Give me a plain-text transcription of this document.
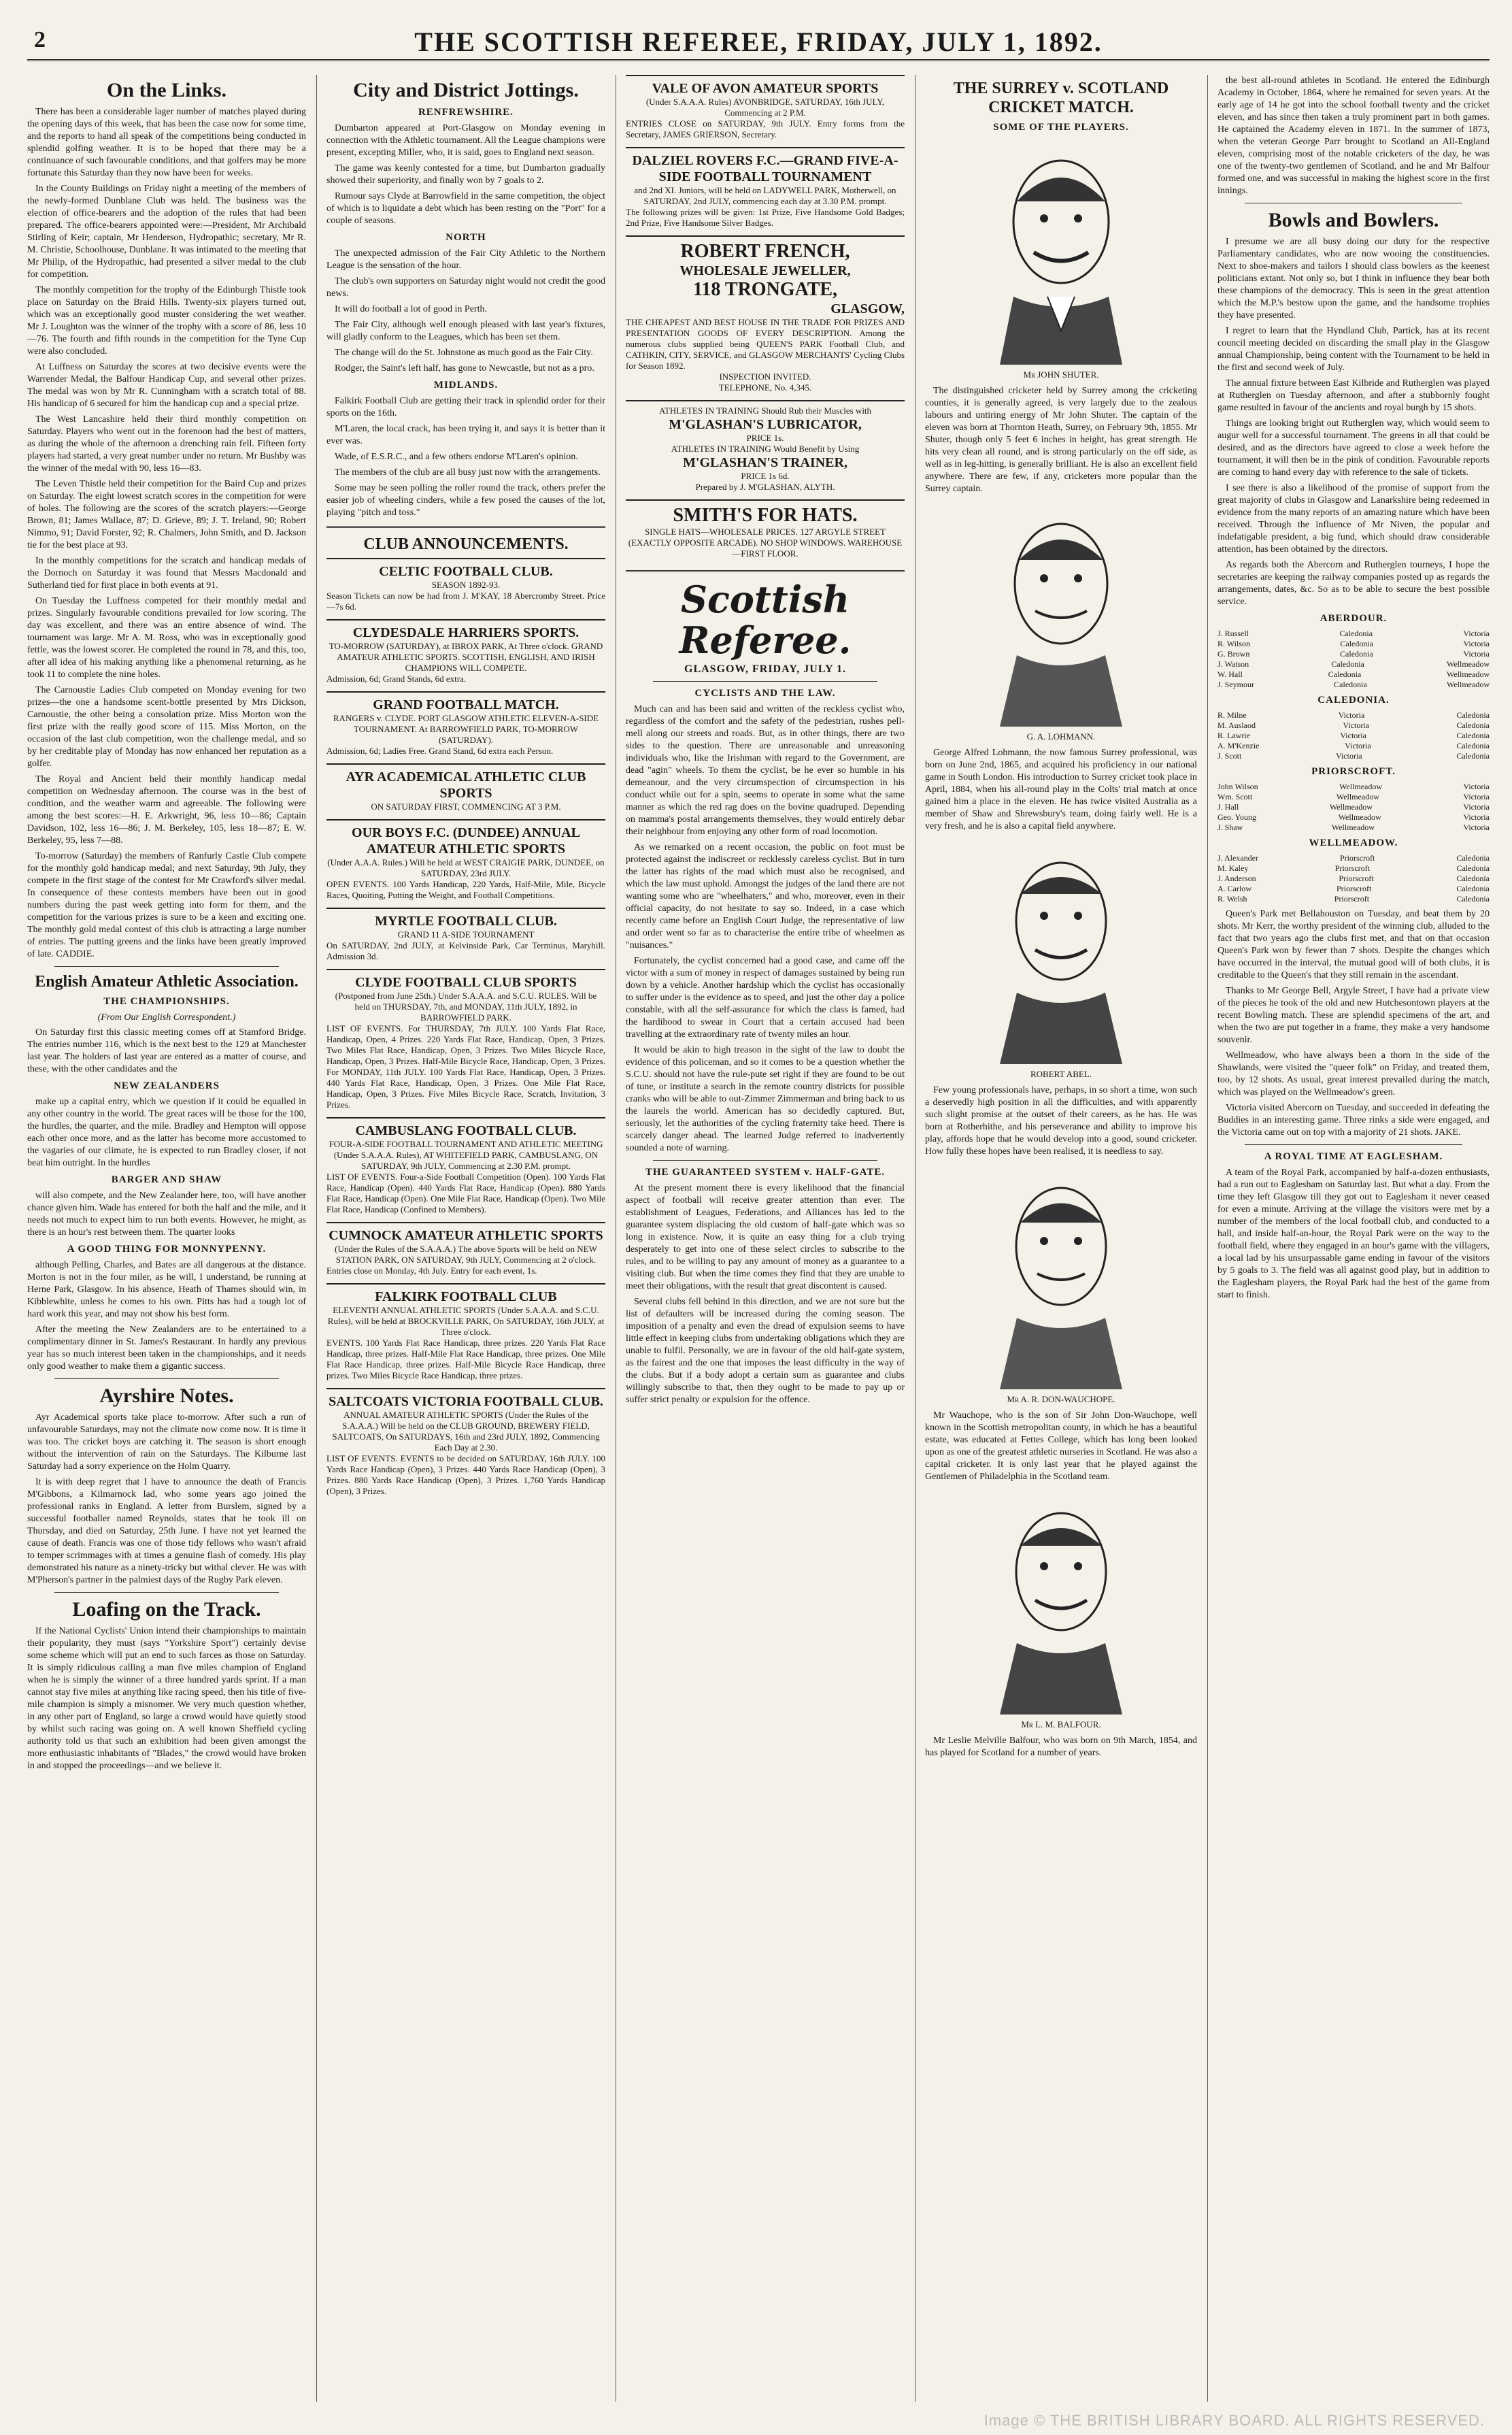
2	THE SCOTTISH REFEREE, FRIDAY, JULY 1, 1892.
On the Links.

There has been a considerable lager number of matches played during the opening days of this week, that has been the case now for some time, and the reports to hand all speak of the competitions being conducted in splendid golfing weather. It is to be hoped that there may be a continuance of such favourable conditions, and that golfers may be more fortunate this Saturday than they now have been for weeks.

In the County Buildings on Friday night a meeting of the members of the newly-formed Dunblane Club was held. The business was the election of office-bearers and the adoption of the rules that had been prepared. The office-bearers appointed were:—President, Mr Archibald Stirling of Keir; captain, Mr Henderson, Hydropathic; secretary, Mr R. M. Christie, Schoolhouse, Dunblane. It was intimated to the meeting that Mr Philip, of the Hydropathic, had presented a silver medal to the club for competition.

The monthly competition for the trophy of the Edinburgh Thistle took place on Saturday on the Braid Hills. Twenty-six players turned out, which was an exceptionally good muster considering the wet weather. Mr J. Loughton was the winner of the trophy with a score of 86, less 10—76. The fourth and fifth rounds in the competition for the Tyne Cup were also concluded.

At Luffness on Saturday the scores at two decisive events were the Warrender Medal, the Balfour Handicap Cup, and several other prizes. The medal was won by Mr R. Cunningham with a scratch total of 88. His handicap of 6 secured for him the handicap cup and a special prize.

The West Lancashire held their third monthly competition on Saturday. Players who went out in the forenoon had the best of matters, as during the whole of the afternoon a drenching rain fell. Fifteen forty players had started, a very great number under no return. Mr Bushby was the winner of the medal with 90, less 16—83.

The Leven Thistle held their competition for the Baird Cup and prizes on Saturday. The eight lowest scratch scores in the competition for were of holes. The following are the scores of the scratch players:—George Brown, 81; James Wallace, 87; D. Grieve, 89; J. T. Ireland, 90; Robert Nimmo, 91; David Forster, 92; R. Chalmers, John Smith, and D. Jackson tie for the best place at 93.

In the monthly competitions for the scratch and handicap medals of the Dornoch on Saturday it was found that Messrs Macdonald and Sutherland tied for first place in both events at 91.

On Tuesday the Luffness competed for their monthly medal and prizes. Singularly favourable conditions prevailed for low scoring. The day was excellent, and there was an entire absence of wind. The tournament was large. Mr A. M. Ross, who was in exceptionally good fettle, was the lowest scorer. He completed the round in 78, and this, too, after all idea of his making anything like a phenomenal returning, as he took 11 to complete the nine holes.

The Carnoustie Ladies Club competed on Monday evening for two prizes—the one a handsome scent-bottle presented by Mrs Dickson, Carnoustie, the other being a consolation prize. Miss Morton won the first prize with the really good score of 115. Miss Morton, on the occasion of the last club competition, won the challenge medal, and so by her creditable play of Monday has now enhanced her reputation as a golfer.

The Royal and Ancient held their monthly handicap medal competition on Wednesday afternoon. The course was in the best of condition, and the weather warm and agreeable. The following were among the best scores:—H. E. Arkwright, 96, less 10—86; Captain Davidson, 102, less 16—86; J. M. Berkeley, 105, less 18—87; E. W. Berkeley, 95, less 7—88.

To-morrow (Saturday) the members of Ranfurly Castle Club compete for the monthly gold handicap medal; and next Saturday, 9th July, they compete in the first stage of the contest for Mr Crawford's silver medal. In consequence of these contests members have been out in good numbers during the past week getting into form for them, and the competition for the various prizes is sure to be a keen and exciting one. The monthly gold medal contest of this club is attracting a large number of entries. The putting greens and the links have been greatly improved of late. CADDIE.

English Amateur Athletic Association.
THE CHAMPIONSHIPS.
(From Our English Correspondent.)

On Saturday first this classic meeting comes off at Stamford Bridge. The entries number 116, which is the next best to the 129 at Manchester last year. The holders of last year are entered as a matter of course, and these, with the other candidates and the

NEW ZEALANDERS

make up a capital entry, which we question if it could be equalled in any other country in the world. The great races will be those for the 100, the hurdles, the quarter, and the mile. Bradley and Hempton will oppose each other once more, and as the latter has become more accustomed to the vagaries of our climate, he is expected to run Bradley closer, if not beat him outright. In the hurdles

BARGER AND SHAW

will also compete, and the New Zealander here, too, will have another chance given him. Wade has entered for both the half and the mile, and it needs not much to expect him to run both events. However, he might, as there is an hour's rest between them. The quarter looks

A GOOD THING FOR MONNYPENNY.

although Pelling, Charles, and Bates are all dangerous at the distance. Morton is not in the four miler, as he will, I understand, be running at Herne Park, Glasgow. In his absence, Heath of Thames should win, in Kibblewhite, unless he comes to his own. Pitts has had a tough lot of hard work this year, and may not show his best form.

After the meeting the New Zealanders are to be entertained to a complimentary dinner in St. James's Restaurant. In hardly any previous year has so much interest been taken in the championships, and it needs only good weather to make them a gigantic success.

Ayrshire Notes.

Ayr Academical sports take place to-morrow. After such a run of unfavourable Saturdays, may not the climate now come now. It is time it was too. The cricket boys are catching it. The season is short enough without the intervention of rain on the Saturdays. The Kilburne last Saturday had a sorry experience on the Holm Quarry.

It is with deep regret that I have to announce the death of Francis M'Gibbons, a Kilmarnock lad, who some years ago joined the professional ranks in England. A letter from Burslem, signed by a successful footballer named Reynolds, states that he took ill on Thursday, and died on Saturday, 25th June. I have not yet learned the cause of death. Francis was one of those tidy fellows who wasn't afraid to temper scrimmages with at times a genuine flash of comedy. His play demonstrated his nature as a ninety-tricky but withal clever. He was with M'Pherson's partner in the palmiest days of the Rugby Park eleven.

Loafing on the Track.

If the National Cyclists' Union intend their championships to maintain their popularity, they must (says "Yorkshire Sport") certainly devise some scheme which will put an end to such farces as those on Saturday. It is simply ridiculous calling a man five miles champion of England when he is simply the winner of a three hundred yards sprint. If a man cannot stay five miles at anything like racing speed, then his title of five-mile champion is simply a misnomer. We very much question whether, in any other part of England, so large a crowd would have quietly stood by whilst such racing was going on. A well known Sheffield cycling authority told us that such an exhibition had been given amongst the more enthusiastic inhabitants of "Blades," the crowd would have broken in and stopped the proceedings—and we believe it.

City and District Jottings.
RENFREWSHIRE.

Dumbarton appeared at Port-Glasgow on Monday evening in connection with the Athletic tournament. All the League champions were present, excepting Miller, who, it is said, goes to England next season.

The game was keenly contested for a time, but Dumbarton gradually showed their superiority, and finally won by 7 goals to 2.

Rumour says Clyde at Barrowfield in the same competition, the object of which is to liquidate a debt which has been resting on the "Port" for a couple of seasons.

NORTH

The unexpected admission of the Fair City Athletic to the Northern League is the sensation of the hour.

The club's own supporters on Saturday night would not credit the good news.

It will do football a lot of good in Perth.

The Fair City, although well enough pleased with last year's fixtures, will gladly conform to the Leagues, which has been set them.

The change will do the St. Johnstone as much good as the Fair City.

Rodger, the Saint's left half, has gone to Newcastle, but not as a pro.

MIDLANDS.

Falkirk Football Club are getting their track in splendid order for their sports on the 16th.

M'Laren, the local crack, has been trying it, and says it is better than it ever was.

Wade, of E.S.R.C., and a few others endorse M'Laren's opinion.

The members of the club are all busy just now with the arrangements.

Some may be seen polling the roller round the track, others prefer the easier job of wheeling cinders, while a few posed the causes of the lot, playing "pitch and toss."

CLUB ANNOUNCEMENTS.
CELTIC FOOTBALL CLUB.
SEASON 1892-93.
Season Tickets can now be had from J. M'KAY, 18 Abercromby Street. Price—7s 6d.
CLYDESDALE HARRIERS SPORTS.
TO-MORROW (SATURDAY), at IBROX PARK, At Three o'clock. GRAND AMATEUR ATHLETIC SPORTS. SCOTTISH, ENGLISH, AND IRISH CHAMPIONS WILL COMPETE.
Admission, 6d; Grand Stands, 6d extra.
GRAND FOOTBALL MATCH.
RANGERS v. CLYDE. PORT GLASGOW ATHLETIC ELEVEN-A-SIDE TOURNAMENT. At BARROWFIELD PARK, TO-MORROW (SATURDAY).
Admission, 6d; Ladies Free. Grand Stand, 6d extra each Person.
AYR ACADEMICAL ATHLETIC CLUB SPORTS
ON SATURDAY FIRST, COMMENCING AT 3 P.M.
OUR BOYS F.C. (DUNDEE) ANNUAL AMATEUR ATHLETIC SPORTS
(Under A.A.A. Rules.) Will be held at WEST CRAIGIE PARK, DUNDEE, on SATURDAY, 23rd JULY.
OPEN EVENTS. 100 Yards Handicap, 220 Yards, Half-Mile, Mile, Bicycle Races, Quoiting, Putting the Weight, and Football Competitions.
MYRTLE FOOTBALL CLUB.
GRAND 11 A-SIDE TOURNAMENT
On SATURDAY, 2nd JULY, at Kelvinside Park, Car Terminus, Maryhill. Admission 3d.
CLYDE FOOTBALL CLUB SPORTS
(Postponed from June 25th.) Under S.A.A.A. and S.C.U. RULES. Will be held on THURSDAY, 7th, and MONDAY, 11th JULY, 1892, in BARROWFIELD PARK.
LIST OF EVENTS. For THURSDAY, 7th JULY. 100 Yards Flat Race, Handicap, Open, 4 Prizes. 220 Yards Flat Race, Handicap, Open, 3 Prizes. Two Miles Flat Race, Handicap, Open, 3 Prizes. Two Miles Bicycle Race, Handicap, Open, 3 Prizes. Half-Mile Bicycle Race, Handicap, Open, 3 Prizes. For MONDAY, 11th JULY. 100 Yards Flat Race, Handicap, Open, 3 Prizes. 440 Yards Flat Race, Handicap, Open, 3 Prizes. One Mile Flat Race, Handicap, Open, 3 Prizes. Five Miles Bicycle Race, Scratch, Invitation, 3 Prizes.
CAMBUSLANG FOOTBALL CLUB.
FOUR-A-SIDE FOOTBALL TOURNAMENT AND ATHLETIC MEETING (Under S.A.A.A. Rules), AT WHITEFIELD PARK, CAMBUSLANG, ON SATURDAY, 9th JULY, Commencing at 2.30 P.M. prompt.
LIST OF EVENTS. Four-a-Side Football Competition (Open). 100 Yards Flat Race, Handicap (Open). 440 Yards Flat Race, Handicap (Open). 880 Yards Flat Race, Handicap (Open). One Mile Flat Race, Handicap (Open). Two Mile Flat Race, Handicap (Confined to Members).
CUMNOCK AMATEUR ATHLETIC SPORTS
(Under the Rules of the S.A.A.A.) The above Sports will be held on NEW STATION PARK, ON SATURDAY, 9th JULY, Commencing at 2 o'clock.
Entries close on Monday, 4th July. Entry for each event, 1s.
FALKIRK FOOTBALL CLUB
ELEVENTH ANNUAL ATHLETIC SPORTS (Under S.A.A.A. and S.C.U. Rules), will be held at BROCKVILLE PARK, On SATURDAY, 16th JULY, at Three o'clock.
EVENTS. 100 Yards Flat Race Handicap, three prizes. 220 Yards Flat Race Handicap, three prizes. Half-Mile Flat Race Handicap, three prizes. One Mile Flat Race Handicap, three prizes. Half-Mile Bicycle Race Handicap, three prizes. Two Miles Bicycle Race Handicap, three prizes.
SALTCOATS VICTORIA FOOTBALL CLUB.
ANNUAL AMATEUR ATHLETIC SPORTS (Under the Rules of the S.A.A.A.) Will be held on the CLUB GROUND, BREWERY FIELD, SALTCOATS, On SATURDAYS, 16th and 23rd JULY, 1892, Commencing Each Day at 2.30.
LIST OF EVENTS. EVENTS to be decided on SATURDAY, 16th JULY. 100 Yards Race Handicap (Open), 3 Prizes. 440 Yards Race Handicap (Open), 3 Prizes. 880 Yards Race Handicap (Open), 3 Prizes. 1,760 Yards Handicap (Open), 3 Prizes.
VALE OF AVON AMATEUR SPORTS
(Under S.A.A.A. Rules) AVONBRIDGE, SATURDAY, 16th JULY, Commencing at 2 P.M.
ENTRIES CLOSE on SATURDAY, 9th JULY. Entry forms from the Secretary, JAMES GRIERSON, Secretary.
DALZIEL ROVERS F.C.—GRAND FIVE-A-SIDE FOOTBALL TOURNAMENT
and 2nd XI. Juniors, will be held on LADYWELL PARK, Motherwell, on SATURDAY, 2nd JULY, commencing each day at 3.30 P.M. prompt.
The following prizes will be given: 1st Prize, Five Handsome Gold Badges; 2nd Prize, Five Handsome Silver Badges.
ROBERT FRENCH,
WHOLESALE JEWELLER,
118 TRONGATE,
GLASGOW,
THE CHEAPEST AND BEST HOUSE IN THE TRADE FOR PRIZES AND PRESENTATION GOODS OF EVERY DESCRIPTION. Among the numerous clubs supplied being QUEEN'S PARK Football Club, and CATHKIN, CITY, SERVICE, and GLASGOW MERCHANTS' Cycling Clubs for Season 1892.
INSPECTION INVITED.
TELEPHONE, No. 4,345.
ATHLETES IN TRAINING Should Rub their Muscles with
M'GLASHAN'S LUBRICATOR,
PRICE 1s.
ATHLETES IN TRAINING Would Benefit by Using
M'GLASHAN'S TRAINER,
PRICE 1s 6d.
Prepared by J. M'GLASHAN, ALYTH.
SMITH'S FOR HATS.
SINGLE HATS—WHOLESALE PRICES. 127 ARGYLE STREET (EXACTLY OPPOSITE ARCADE). NO SHOP WINDOWS. WAREHOUSE—FIRST FLOOR.
Scottish Referee.
GLASGOW, FRIDAY, JULY 1.
CYCLISTS AND THE LAW.

Much can and has been said and written of the reckless cyclist who, regardless of the comfort and the safety of the pedestrian, rushes pell-mell along our streets and roads. But, as in other things, there are two sides to the question. There are unreasonable and unreasoning individuals who, like the Irishman with regard to the Government, are dead "agin" wheels. To them the cyclist, be he ever so humble in his demeanour, and the very circumspection of circumspection in his conduct while out for a spin, seems to operate in some what the same manner as which the red rag does on the bovine quadruped. Depending on mamma's postal arrangements themselves, they would entirely debar their neighbour from enjoying any other form of road locomotion.

As we remarked on a recent occasion, the public on foot must be protected against the indiscreet or recklessly careless cyclist. But in turn the latter has rights of the road which must also be recognised, and which the law must uphold. Amongst the judges of the land there are not wanting some who are "wheelhaters," and who, moreover, even in their official capacity, do not hesitate to say so. Indeed, in a case which recently came before an English Court Judge, the representative of law and order went so far as to characterise the entire tribe of wheelmen as "nuisances."

Fortunately, the cyclist concerned had a good case, and came off the victor with a sum of money in respect of damages sustained by being run down by a vehicle. Another hardship which the cyclist has occasionally to suffer under is the evidence as to speed, and just the other day a police constable, with all the self-assurance for which the class is famed, had the hardihood to swear in Court that a certain accused had been travelling at the extraordinary rate of twenty miles an hour.

It would be akin to high treason in the sight of the law to doubt the evidence of this policeman, and so it comes to be a question whether the S.C.U. should not have the rule-pute set right if they are found to be out of tune, or institute a search in the remote country districts for possible cranks who will be able to out-Zimmer Zimmerman and bring back to us the laurels the world. American has so decidedly captured. But, seriously, let the authorities of the cycling fraternity take heed. There is scarcely danger ahead. The learned Judge referred to inadvertently sounded a note of warning.

THE GUARANTEED SYSTEM v. HALF-GATE.

At the present moment there is every likelihood that the financial aspect of football will receive greater attention than ever. The establishment of Leagues, Federations, and Alliances has led to the guarantee system displacing the old custom of half-gate which was so long in existence. Now, it is quite an easy thing for a club trying desperately to get into one of these select circles to subscribe to the rules, and to be willing to pay any amount of money as a guarantee to a visiting club. But when the time comes they find that they are unable to meet their obligations, with the result that great discontent is caused.

Several clubs fell behind in this direction, and we are not sure but the list of defaulters will be increased during the coming season. The imposition of a penalty and even the dread of expulsion seems to have little effect in keeping clubs from undertaking obligations which they are unable to fulfil. Personally, we are in favour of the old half-gate system, as the fairest and the one that imposes the least difficulty in the way of the clubs. But if a body adopt a certain sum as guarantee and clubs willingly subscribe to that, then they ought to be made to pay up or suffer strict penalty or expulsion for the offence.

THE SURREY v. SCOTLAND CRICKET MATCH.
SOME OF THE PLAYERS.
Mr JOHN SHUTER.

The distinguished cricketer held by Surrey among the cricketing counties, it is generally agreed, is very largely due to the zealous labours and untiring energy of Mr John Shuter. The captain of the eleven was born at Thornton Heath, Surrey, on February 9th, 1855. Mr Shuter, though only 5 feet 6 inches in height, has great strength. He hits very clean all round, and is strong particularly on the off side, as well as in leg-hitting, is generally brilliant. He is also an excellent field anywhere. There are few, if any, cricketers more popular than the Surrey captain.

G. A. LOHMANN.

George Alfred Lohmann, the now famous Surrey professional, was born on June 2nd, 1865, and acquired his proficiency in our national game in South London. His introduction to Surrey cricket took place in April, 1884, when his all-round play in the Colts' trial match at once gained him a place in the eleven. He has twice visited Australia as a member of Shaw and Shrewsbury's team, doing fairly well. He is a very fresh, and he is also a capital field anywhere.

ROBERT ABEL.

Few young professionals have, perhaps, in so short a time, won such a deservedly high position in all the difficulties, and with apparently such slight promise at the outset of their careers, as he has. He was born at Rotherhithe, and his perseverance and ability to improve his play, affords hope that he would develop into a good, sound cricketer. How fully these hopes have been realised, it is needless to say.

Mr A. R. DON-WAUCHOPE.

Mr Wauchope, who is the son of Sir John Don-Wauchope, well known in the Scottish metropolitan county, in which he has a beautiful estate, was educated at Fettes College, which has long been looked upon as one of the greatest athletic nurseries in Scotland. He was also a capital cricketer. It is only last year that he played against the Gentlemen of Philadelphia in the Scotland team.

Mr L. M. BALFOUR.

Mr Leslie Melville Balfour, who was born on 9th March, 1854, and has played for Scotland for a number of years.

the best all-round athletes in Scotland. He entered the Edinburgh Academy in October, 1864, where he remained for seven years. At the early age of 14 he got into the school football twenty and the cricket eleven, and has since then taken a truly prominent part in both games. He captained the Academy eleven in 1871. In the summer of 1873, when the veteran George Parr brought to Scotland an All-England eleven, comprising most of the notable cricketers of the day, he was one of the twenty-two gentlemen of Scotland, and he and Mr Balfour formed one, and was successful in making the highest score in the first innings.

Bowls and Bowlers.

I presume we are all busy doing our duty for the respective Parliamentary candidates, who are now wooing the constituencies. Next to shoe-makers and tailors I should class bowlers as the keenest politicians extant. Not only so, but I think in influence they bear both these champions of the democracy. This is seen in the great attention which the M.P.'s bestow upon the game, and the handsome trophies they have presented.

I regret to learn that the Hyndland Club, Partick, has at its recent council meeting decided on discarding the small play in the Glasgow annual Championship, being content with the Tournament to be held in the first and second week of July.

The annual fixture between East Kilbride and Rutherglen was played at Rutherglen on Tuesday afternoon, and after a stubbornly fought game resulted in favour of the ancients and royal burgh by 15 shots.

Things are looking bright out Rutherglen way, which would seem to augur well for a successful tournament. The greens in all that could be desired, and as the directors have agreed to close a week before the tournament, it will then be in the pink of condition. Favourable reports are coming to hand every day with reference to the sale of tickets.

I see there is also a likelihood of the promise of support from the great majority of clubs in Glasgow and Lanarkshire being redeemed in evidence from the many reports of an amazing nature which have been received. Through the influence of Mr Niven, the popular and indefatigable president, a big fund, which should draw considerable attention, has been obtained by the directors.

As regards both the Abercorn and Rutherglen tourneys, I hope the secretaries are keeping the railway companies posted up as regards the arrangements, dates, &c. So as to be able to secure the best possible service.

ABERDOUR.
J. Russell	Caledonia	Victoria
R. Wilson	Caledonia	Victoria
G. Brown	Caledonia	Victoria
J. Watson	Caledonia	Wellmeadow
W. Hall	Caledonia	Wellmeadow
J. Seymour	Caledonia	Wellmeadow
CALEDONIA.
R. Milne	Victoria	Caledonia
M. Auslaod	Victoria	Caledonia
R. Lawrie	Victoria	Caledonia
A. M'Kenzie	Victoria	Caledonia
J. Scott	Victoria	Caledonia
PRIORSCROFT.
John Wilson	Wellmeadow	Victoria
Wm. Scott	Wellmeadow	Victoria
J. Hall	Wellmeadow	Victoria
Geo. Young	Wellmeadow	Victoria
J. Shaw	Wellmeadow	Victoria
WELLMEADOW.
J. Alexander	Priorscroft	Caledonia
M. Kaley	Priorscroft	Caledonia
J. Anderson	Priorscroft	Caledonia
A. Carlow	Priorscroft	Caledonia
R. Welsh	Priorscroft	Caledonia

Queen's Park met Bellahouston on Tuesday, and beat them by 20 shots. Mr Kerr, the worthy president of the winning club, alluded to the fact that two years ago the clubs first met, and that on that occasion Queen's Park won by fewer than 7 shots. Despite the changes which have occurred in the interval, the mutual good will of both clubs, it is creditable to the Queen's that they still remain in the ascendant.

Thanks to Mr George Bell, Argyle Street, I have had a private view of the pieces he took of the old and new Hutchesontown players at the recent Bowling match. These are splendid specimens of the art, and when the two are put together in a frame, they make a very handsome souvenir.

Wellmeadow, who have always been a thorn in the side of the Shawlands, were visited the "queer folk" on Friday, and treated them, too, by 12 shots. As usual, great interest prevailed during the match, which was played on the Wellmeadow's green.

Victoria visited Abercorn on Tuesday, and succeeded in defeating the Buddies in an interesting game. Three rinks a side were engaged, and the Victoria came out on top with a majority of 21 shots. JAKE.

A ROYAL TIME AT EAGLESHAM.

A team of the Royal Park, accompanied by half-a-dozen enthusiasts, had a run out to Eaglesham on Saturday last. But what a day. From the time they left Glasgow till they got out to Eaglesham it never ceased for even a minute. Arriving at the village the visitors were met by a number of the members of the local football club, and conducted to a hall, and inside half-an-hour, the Royal Park were on the way to the football field, where they engaged in an hour's game with the villagers, a local lad by his unsurpassable game ending in favour of the visitors by 5 goals to 3. The field was all against good play, but in addition to the Eaglesham players, the Royal Park had the best of the game from start to finish.

Image © THE BRITISH LIBRARY BOARD. ALL RIGHTS RESERVED.
